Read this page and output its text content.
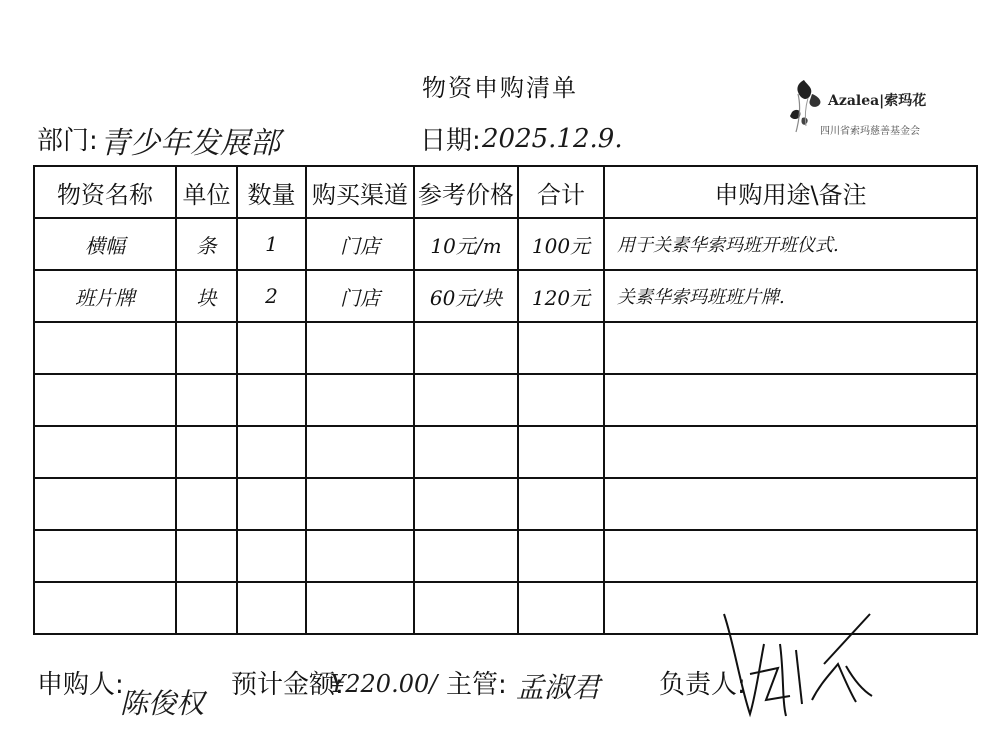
物资申购清单	Azalea|索玛花
四川省索玛慈善基金会
部门: 青少年发展部	日期: 2025.12.9.
物资名称	单位	数量	购买渠道	参考价格	合计	申购用途\备注
横幅	条	1	门店	10元/m	100元	用于关素华索玛班开班仪式.
班片牌	块	2	门店	60元/块	120元	关素华索玛班班片牌.

申购人:
陈俊权
预计金额:
¥220.00/ 主管: 孟淑君 负责人:
